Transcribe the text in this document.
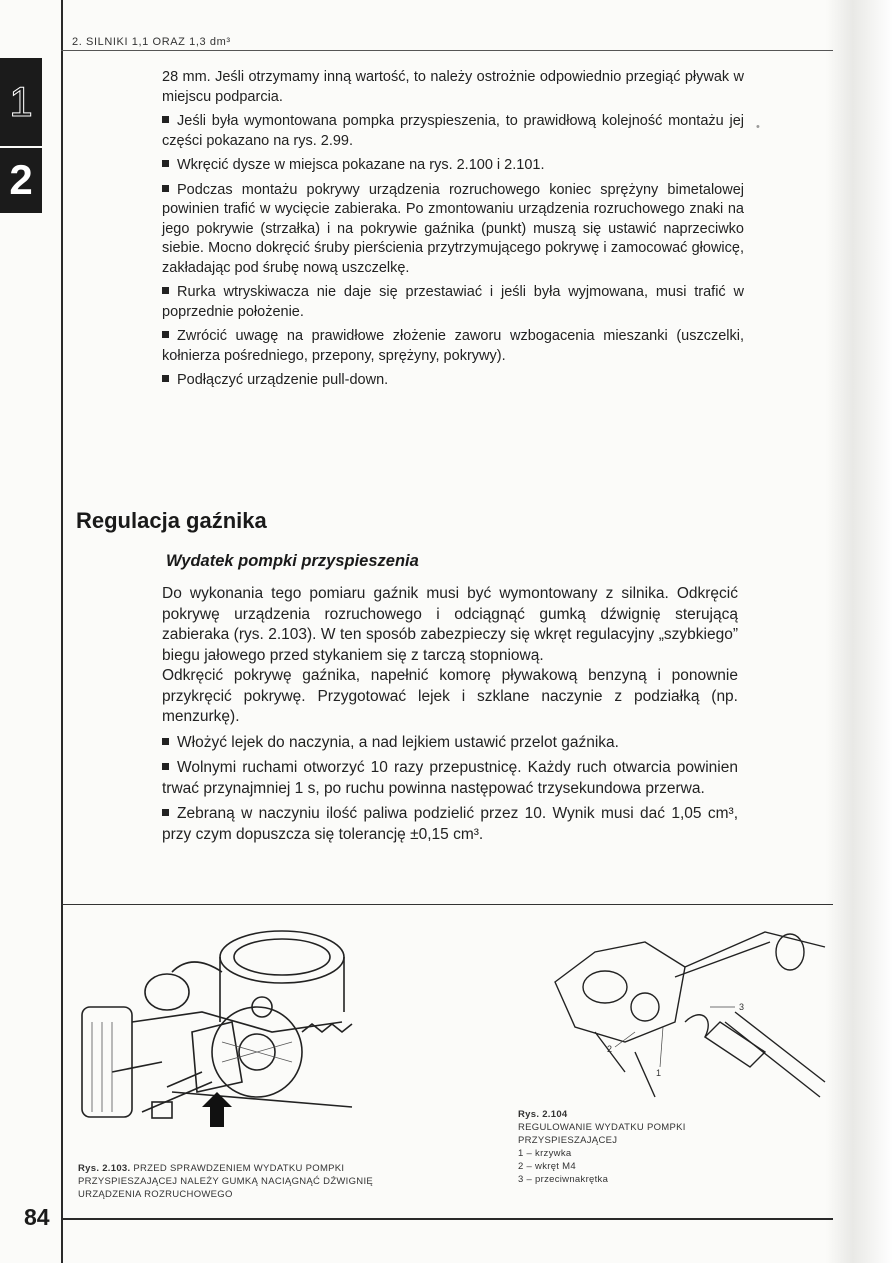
2. SILNIKI 1,1 ORAZ 1,3 dm³
1
2
•

28 mm. Jeśli otrzymamy inną wartość, to należy ostrożnie odpowiednio przegiąć pływak w miejscu podparcia.

Jeśli była wymontowana pompka przyspieszenia, to prawidłową kolejność montażu jej części pokazano na rys. 2.99.

Wkręcić dysze w miejsca pokazane na rys. 2.100 i 2.101.

Podczas montażu pokrywy urządzenia rozruchowego koniec sprężyny bimetalowej powinien trafić w wycięcie zabieraka. Po zmontowaniu urządzenia rozruchowego znaki na jego pokrywie (strzałka) i na pokrywie gaźnika (punkt) muszą się ustawić naprzeciwko siebie. Mocno dokręcić śruby pierścienia przytrzymującego pokrywę i zamocować głowicę, zakładając pod śrubę nową uszczelkę.

Rurka wtryskiwacza nie daje się przestawiać i jeśli była wyjmowana, musi trafić w poprzednie położenie.

Zwrócić uwagę na prawidłowe złożenie zaworu wzbogacenia mieszanki (uszczelki, kołnierza pośredniego, przepony, sprężyny, pokrywy).

Podłączyć urządzenie pull-down.

Regulacja gaźnika
Wydatek pompki przyspieszenia

Do wykonania tego pomiaru gaźnik musi być wymontowany z silnika. Odkręcić pokrywę urządzenia rozruchowego i odciągnąć gumką dźwignię sterującą zabieraka (rys. 2.103). W ten sposób zabezpieczy się wkręt regulacyjny „szybkiego” biegu jałowego przed stykaniem się z tarczą stopniową.

Odkręcić pokrywę gaźnika, napełnić komorę pływakową benzyną i ponownie przykręcić pokrywę. Przygotować lejek i szklane naczynie z podziałką (np. menzurkę).

Włożyć lejek do naczynia, a nad lejkiem ustawić przelot gaźnika.

Wolnymi ruchami otworzyć 10 razy przepustnicę. Każdy ruch otwarcia powinien trwać przynajmniej 1 s, po ruchu powinna następować trzysekundowa przerwa.

Zebraną w naczyniu ilość paliwa podzielić przez 10. Wynik musi dać 1,05 cm³, przy czym dopuszcza się tolerancję ±0,15 cm³.

2
1
3
Rys. 2.104
REGULOWANIE WYDATKU POMPKI PRZYSPIESZAJĄCEJ
1 – krzywka
2 – wkręt M4
3 – przeciwnakrętka
Rys. 2.103. PRZED SPRAWDZENIEM WYDATKU POMPKI PRZYSPIESZAJĄCEJ NALEŻY GUMKĄ NACIĄGNĄĆ DŹWIGNIĘ URZĄDZENIA ROZRUCHOWEGO
84
